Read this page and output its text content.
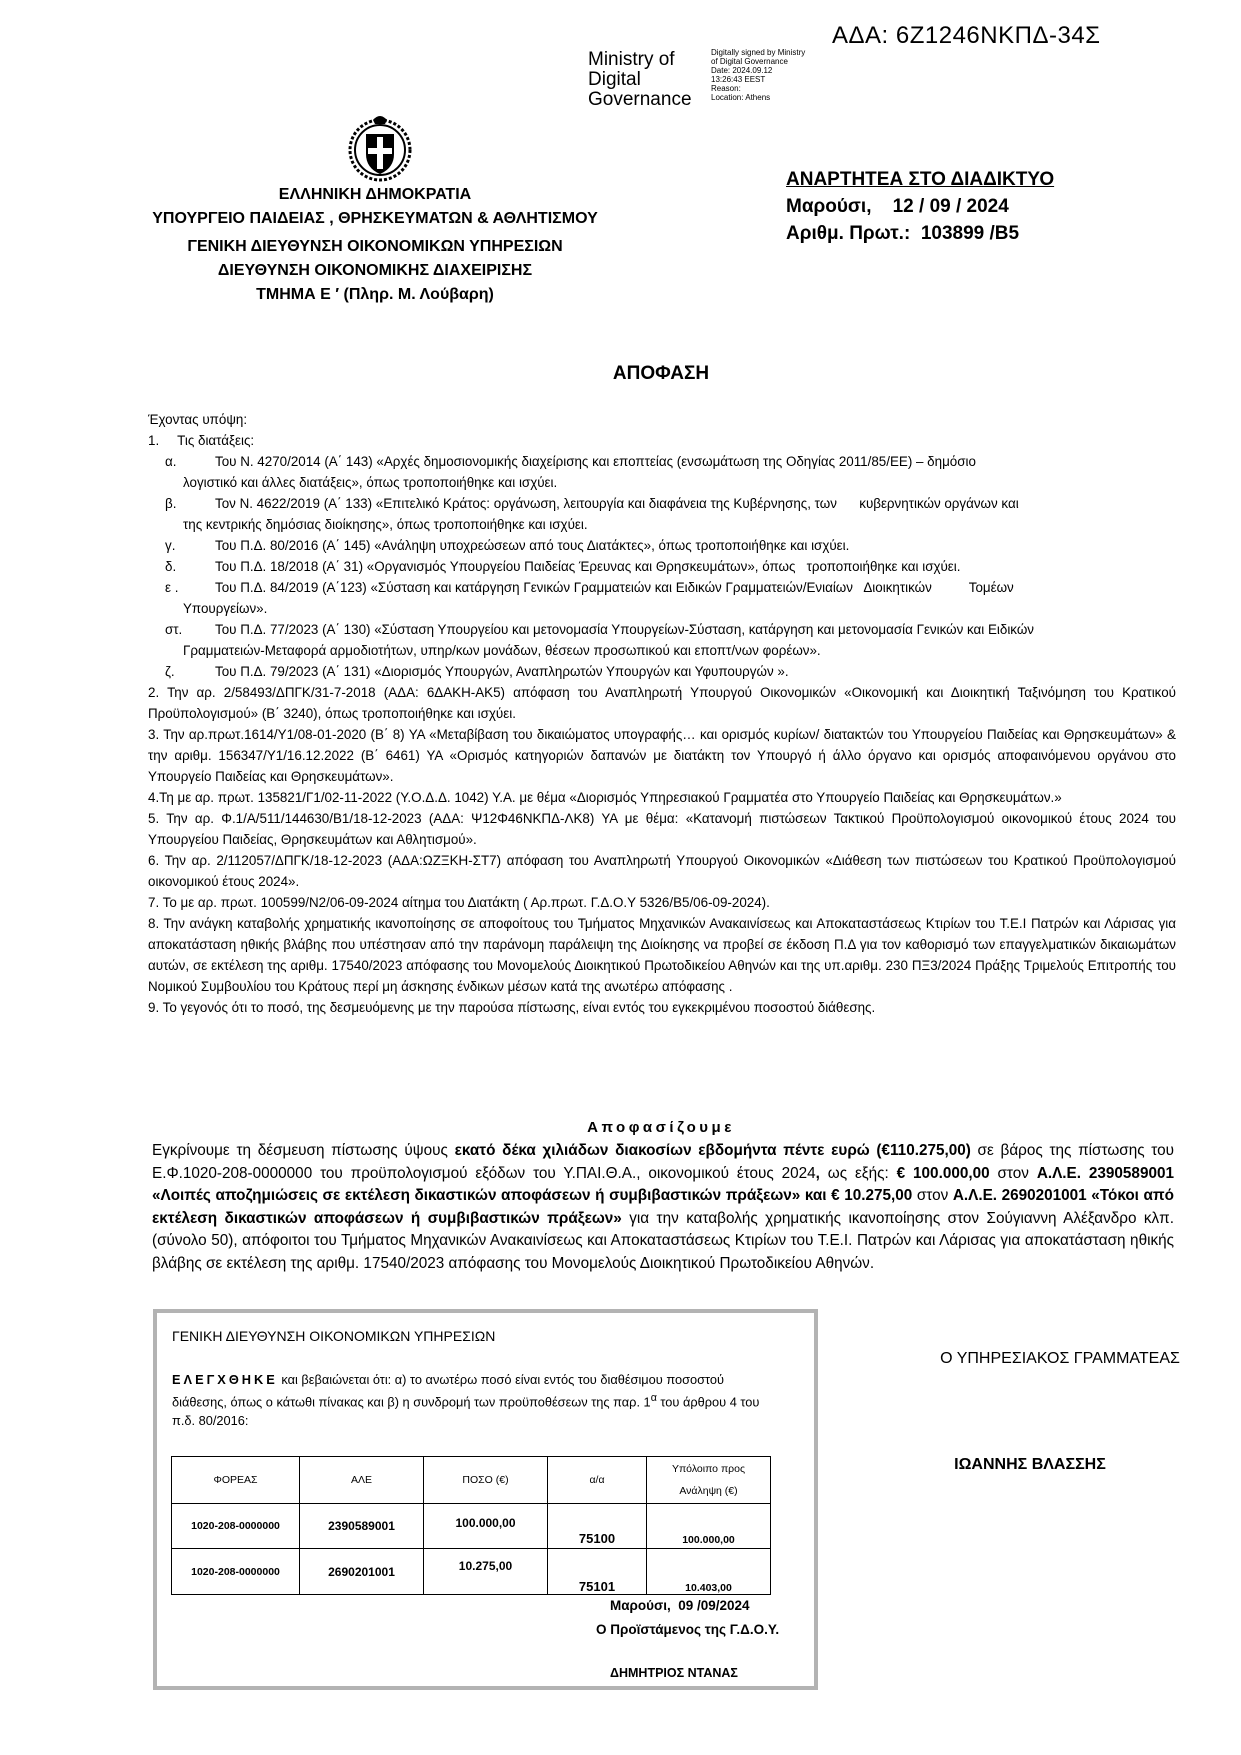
ΑΔΑ: 6Ζ1246ΝΚΠΔ-34Σ
Ministry of
Digital
Governance
Digitally signed by Ministry
of Digital Governance
Date: 2024.09.12
13:26:43 EEST
Reason:
Location: Athens
ΕΛΛΗΝΙΚΗ ΔΗΜΟΚΡΑΤΙΑ
ΥΠΟΥΡΓΕΙΟ ΠΑΙΔΕΙΑΣ , ΘΡΗΣΚΕΥΜΑΤΩΝ & ΑΘΛΗΤΙΣΜΟΥ
ΓΕΝΙΚΗ ΔΙΕΥΘΥΝΣΗ ΟΙΚΟΝΟΜΙΚΩΝ ΥΠΗΡΕΣΙΩΝ
ΔΙΕΥΘΥΝΣΗ ΟΙΚΟΝΟΜΙΚΗΣ ΔΙΑΧΕΙΡΙΣΗΣ
ΤΜΗΜΑ Ε ′ (Πληρ. Μ. Λούβαρη)
ΑΝΑΡΤΗΤΕΑ ΣΤΟ ΔΙΑΔΙΚΤΥΟ
Μαρούσι,    12 / 09 / 2024
Αριθμ. Πρωτ.:  103899 /Β5
ΑΠΟΦΑΣΗ

Έχοντας υπόψη:

1.	Τις διατάξεις:
α.	Του Ν. 4270/2014 (Α΄ 143) «Αρχές δημοσιονομικής διαχείρισης και εποπτείας (ενσωμάτωση της Οδηγίας 2011/85/ΕΕ) – δημόσιο
λογιστικό και άλλες διατάξεις», όπως τροποποιήθηκε και ισχύει.
β.	Τον Ν. 4622/2019 (Α΄ 133) «Επιτελικό Κράτος: οργάνωση, λειτουργία και διαφάνεια της Κυβέρνησης, των      κυβερνητικών οργάνων και
της κεντρικής δημόσιας διοίκησης», όπως τροποποιήθηκε και ισχύει.
γ.	Του Π.Δ. 80/2016 (Α΄ 145) «Ανάληψη υποχρεώσεων από τους Διατάκτες», όπως τροποποιήθηκε και ισχύει.
δ.	Του Π.Δ. 18/2018 (Α΄ 31) «Οργανισμός Υπουργείου Παιδείας Έρευνας και Θρησκευμάτων», όπως   τροποποιήθηκε και ισχύει.
ε .	Του Π.Δ. 84/2019 (Α΄123) «Σύσταση και κατάργηση Γενικών Γραμματειών και Ειδικών Γραμματειών/Ενιαίων   Διοικητικών          Τομέων
Υπουργείων».
στ.	Του Π.Δ. 77/2023 (Α΄ 130) «Σύσταση Υπουργείου και μετονομασία Υπουργείων-Σύσταση, κατάργηση και μετονομασία Γενικών και Ειδικών
Γραμματειών-Μεταφορά αρμοδιοτήτων, υπηρ/κων μονάδων, θέσεων προσωπικού και εποπτ/νων φορέων».
ζ.	Του Π.Δ. 79/2023 (Α΄ 131) «Διορισμός Υπουργών, Αναπληρωτών Υπουργών και Υφυπουργών ».

2. Την αρ. 2/58493/ΔΠΓΚ/31-7-2018 (ΑΔΑ: 6ΔΑΚΗ-ΑΚ5) απόφαση του Αναπληρωτή Υπουργού Οικονομικών «Οικονομική και Διοικητική Ταξινόμηση του Κρατικού Προϋπολογισμού» (Β΄ 3240), όπως τροποποιήθηκε και ισχύει.

3. Την αρ.πρωτ.1614/Υ1/08-01-2020 (Β΄ 8) ΥΑ «Μεταβίβαση του δικαιώματος υπογραφής… και ορισμός κυρίων/ διατακτών του Υπουργείου Παιδείας και Θρησκευμάτων» & την αριθμ. 156347/Υ1/16.12.2022 (Β΄ 6461) ΥΑ «Ορισμός κατηγοριών δαπανών με διατάκτη τον Υπουργό ή άλλο όργανο και ορισμός αποφαινόμενου οργάνου στο Υπουργείο Παιδείας και Θρησκευμάτων».

4.Τη με αρ. πρωτ. 135821/Γ1/02-11-2022 (Υ.Ο.Δ.Δ. 1042) Υ.Α. με θέμα «Διορισμός Υπηρεσιακού Γραμματέα στο Υπουργείο Παιδείας και Θρησκευμάτων.»

5. Την αρ. Φ.1/Α/511/144630/Β1/18-12-2023 (ΑΔΑ: Ψ12Φ46ΝΚΠΔ-ΛΚ8) ΥΑ με θέμα: «Κατανομή πιστώσεων Τακτικού Προϋπολογισμού οικονομικού έτους 2024 του Υπουργείου Παιδείας, Θρησκευμάτων και Αθλητισμού».

6. Την αρ. 2/112057/ΔΠΓΚ/18-12-2023 (ΑΔΑ:ΩΖΞΚΗ-ΣΤ7) απόφαση του Αναπληρωτή Υπουργού Οικονομικών «Διάθεση των πιστώσεων του Κρατικού Προϋπολογισμού οικονομικού έτους 2024».

7. Το με αρ. πρωτ. 100599/Ν2/06-09-2024 αίτημα του Διατάκτη ( Αρ.πρωτ. Γ.Δ.Ο.Υ 5326/Β5/06-09-2024).

8. Την ανάγκη καταβολής χρηματικής ικανοποίησης σε αποφοίτους του Τμήματος Μηχανικών Ανακαινίσεως και Αποκαταστάσεως Κτιρίων του Τ.Ε.Ι Πατρών και Λάρισας για αποκατάσταση ηθικής βλάβης που υπέστησαν από την παράνομη παράλειψη της Διοίκησης να προβεί σε έκδοση Π.Δ για τον καθορισμό των επαγγελματικών δικαιωμάτων αυτών, σε εκτέλεση της αριθμ. 17540/2023 απόφασης του Μονομελούς Διοικητικού Πρωτοδικείου Αθηνών και της υπ.αριθμ. 230 ΠΞ3/2024 Πράξης Τριμελούς Επιτροπής του Νομικού Συμβουλίου του Κράτους περί μη άσκησης ένδικων μέσων κατά της ανωτέρω απόφασης .

9. Το γεγονός ότι το ποσό, της δεσμευόμενης με την παρούσα πίστωσης, είναι εντός του εγκεκριμένου ποσοστού διάθεσης.

Αποφασίζουμε
Εγκρίνουμε τη δέσμευση πίστωσης ύψους εκατό δέκα χιλιάδων διακοσίων εβδομήντα πέντε ευρώ (€110.275,00) σε βάρος της πίστωσης του Ε.Φ.1020-208-0000000 του προϋπολογισμού εξόδων του Υ.ΠΑΙ.Θ.Α., οικονομικού έτους 2024, ως εξής: € 100.000,00 στον Α.Λ.Ε. 2390589001 «Λοιπές αποζημιώσεις σε εκτέλεση δικαστικών αποφάσεων ή συμβιβαστικών πράξεων» και € 10.275,00 στον Α.Λ.Ε. 2690201001 «Τόκοι από εκτέλεση δικαστικών αποφάσεων ή συμβιβαστικών πράξεων» για την καταβολής χρηματικής ικανοποίησης στον Σούγιαννη Αλέξανδρο κλπ. (σύνολο 50), απόφοιτοι του Τμήματος Μηχανικών Ανακαινίσεως και Αποκαταστάσεως Κτιρίων του Τ.Ε.Ι. Πατρών και Λάρισας για αποκατάσταση ηθικής βλάβης σε εκτέλεση της αριθμ. 17540/2023 απόφασης του Μονομελούς Διοικητικού Πρωτοδικείου Αθηνών.
ΓΕΝΙΚΗ ΔΙΕΥΘΥΝΣΗ ΟΙΚΟΝΟΜΙΚΩΝ ΥΠΗΡΕΣΙΩΝ
ΕΛΕΓΧΘΗΚΕ και βεβαιώνεται ότι: α) το ανωτέρω ποσό είναι εντός του διαθέσιμου ποσοστού διάθεσης, όπως ο κάτωθι πίνακας και β) η συνδρομή των προϋποθέσεων της παρ. $1^\alpha$ του άρθρου 4 του π.δ. 80/2016:
ΦΟΡΕΑΣ	ΑΛΕ	ΠΟΣΟ (€)	α/α	Υπόλοιπο προς
Ανάληψη (€)

1020-208-0000000	2390589001	100.000,00	75100	100.000,00
1020-208-0000000	2690201001	10.275,00	75101	10.403,00
Μαρούσι,  09 /09/2024
Ο Προϊστάμενος της Γ.Δ.Ο.Υ.
ΔΗΜΗΤΡΙΟΣ ΝΤΑΝΑΣ
Ο ΥΠΗΡΕΣΙΑΚΟΣ ΓΡΑΜΜΑΤΕΑΣ
ΙΩΑΝΝΗΣ ΒΛΑΣΣΗΣ
